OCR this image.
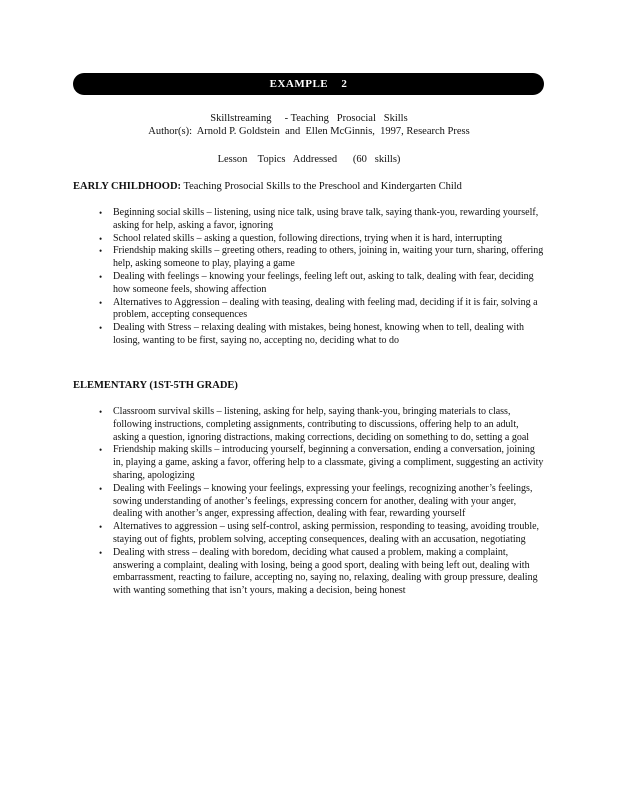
EXAMPLE 2
Skillstreaming     - Teaching   Prosocial   Skills
Author(s):  Arnold P. Goldstein  and  Ellen McGinnis,  1997, Research Press
Lesson    Topics   Addressed      (60   skills)
EARLY CHILDHOOD: Teaching Prosocial Skills to the Preschool and Kindergarten Child
• Beginning social skills – listening, using nice talk, using brave talk, saying thank-you, rewarding yourself, asking for help, asking a favor, ignoring
• School related skills – asking a question, following directions, trying when it is hard, interrupting
• Friendship making skills – greeting others, reading to others, joining in, waiting your turn, sharing, offering help, asking someone to play, playing a game
• Dealing with feelings – knowing your feelings, feeling left out, asking to talk, dealing with fear, deciding how someone feels, showing affection
• Alternatives to Aggression – dealing with teasing, dealing with feeling mad, deciding if it is fair, solving a problem, accepting consequences
• Dealing with Stress – relaxing dealing with mistakes, being honest, knowing when to tell, dealing with losing, wanting to be first, saying no, accepting no, deciding what to do
ELEMENTARY (1ST-5TH GRADE)
• Classroom survival skills – listening, asking for help, saying thank-you, bringing materials to class, following instructions, completing assignments, contributing to discussions, offering help to an adult, asking a question, ignoring distractions, making corrections, deciding on something to do, setting a goal
• Friendship making skills – introducing yourself, beginning a conversation, ending a conversation, joining in, playing a game, asking a favor, offering help to a classmate, giving a compliment, suggesting an activity sharing, apologizing
• Dealing with Feelings – knowing your feelings, expressing your feelings, recognizing another’s feelings, sowing understanding of another’s feelings, expressing concern for another, dealing with your anger, dealing with another’s anger, expressing affection, dealing with fear, rewarding yourself
• Alternatives to aggression – using self-control, asking permission, responding to teasing, avoiding trouble, staying out of fights, problem solving, accepting consequences, dealing with an accusation, negotiating
• Dealing with stress – dealing with boredom, deciding what caused a problem, making a complaint, answering a complaint, dealing with losing, being a good sport, dealing with being left out, dealing with embarrassment, reacting to failure, accepting no, saying no, relaxing, dealing with group pressure, dealing with wanting something that isn’t yours, making a decision, being honest
